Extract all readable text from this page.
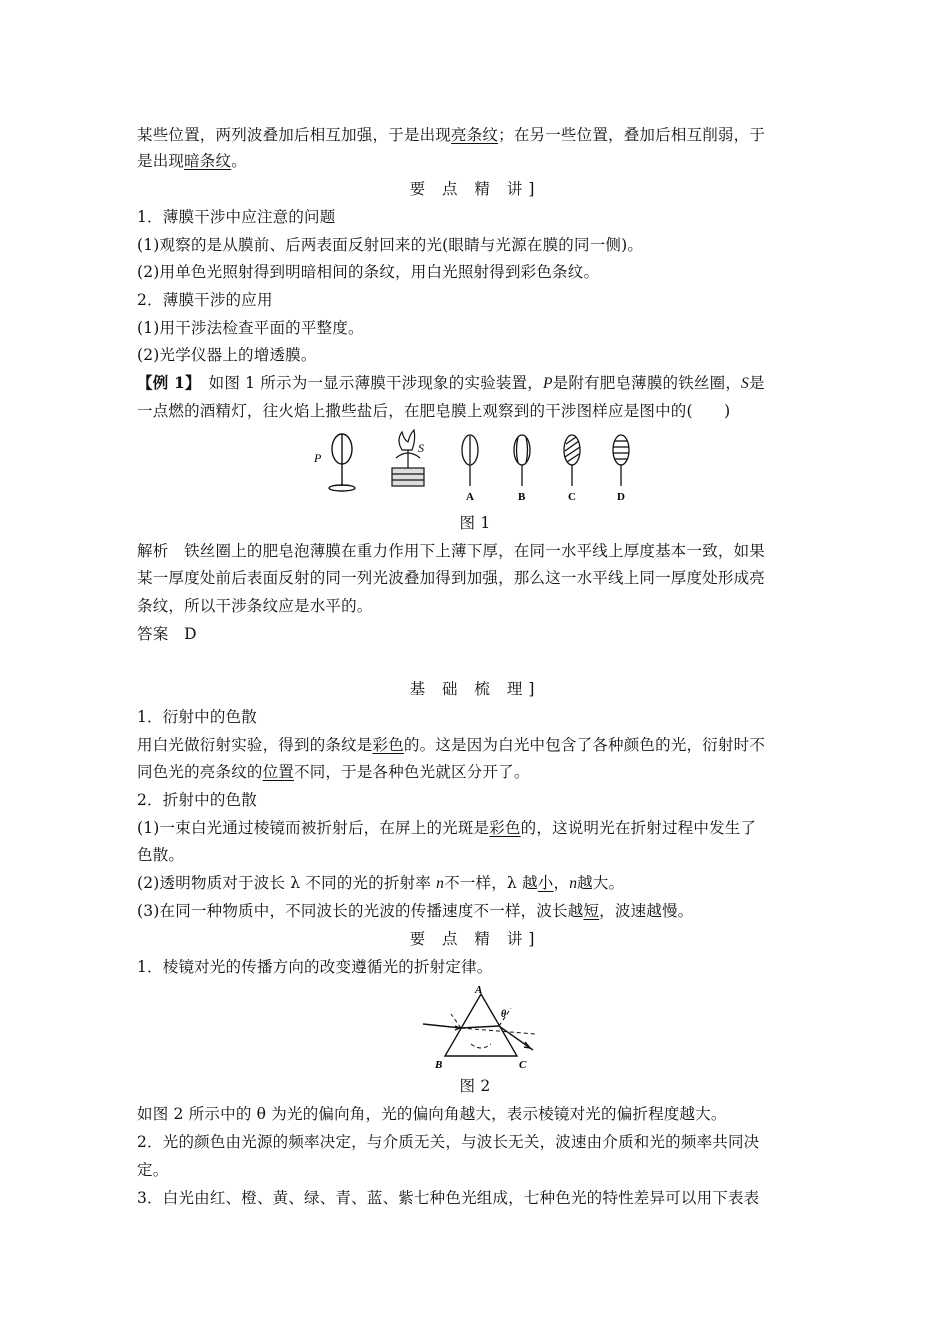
某些位置，两列波叠加后相互加强，于是出现亮条纹；在另一些位置，叠加后相互削弱，于
是出现暗条纹。
要 点 精 讲]
1．薄膜干涉中应注意的问题
(1)观察的是从膜前、后两表面反射回来的光(眼睛与光源在膜的同一侧)。
(2)用单色光照射得到明暗相间的条纹，用白光照射得到彩色条纹。
2．薄膜干涉的应用
(1)用干涉法检查平面的平整度。
(2)光学仪器上的增透膜。
【例 1】　如图 1 所示为一显示薄膜干涉现象的实验装置，P是附有肥皂薄膜的铁丝圈，S是
一点燃的酒精灯，往火焰上撒些盐后，在肥皂膜上观察到的干涉图样应是图中的(　　)
P
S
A	B	C	D
图 1
解析　铁丝圈上的肥皂泡薄膜在重力作用下上薄下厚，在同一水平线上厚度基本一致，如果
某一厚度处前后表面反射的同一列光波叠加得到加强，那么这一水平线上同一厚度处形成亮
条纹，所以干涉条纹应是水平的。
答案　D
基 础 梳 理]
1．衍射中的色散
用白光做衍射实验，得到的条纹是彩色的。这是因为白光中包含了各种颜色的光，衍射时不
同色光的亮条纹的位置不同，于是各种色光就区分开了。
2．折射中的色散
(1)一束白光通过棱镜而被折射后，在屏上的光斑是彩色的，这说明光在折射过程中发生了
色散。
(2)透明物质对于波长 λ 不同的光的折射率 n不一样，λ 越小，n越大。
(3)在同一种物质中，不同波长的光波的传播速度不一样，波长越短，波速越慢。
要 点 精 讲]
1．棱镜对光的传播方向的改变遵循光的折射定律。
A
B	C
θ
图 2
如图 2 所示中的 θ 为光的偏向角，光的偏向角越大，表示棱镜对光的偏折程度越大。
2．光的颜色由光源的频率决定，与介质无关，与波长无关，波速由介质和光的频率共同决
定。
3．白光由红、橙、黄、绿、青、蓝、紫七种色光组成，七种色光的特性差异可以用下表表
